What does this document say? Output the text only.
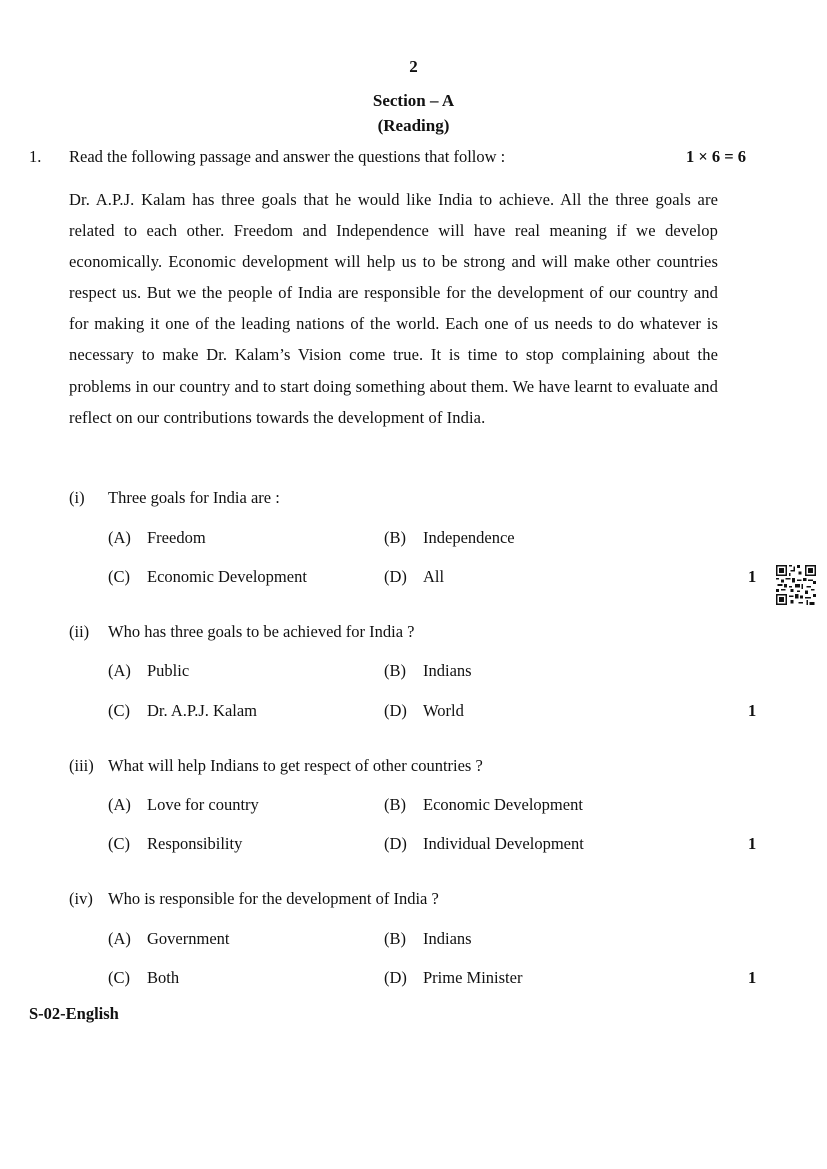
2
Section – A
(Reading)
1. Read the following passage and answer the questions that follow :	1 × 6 = 6
Dr. A.P.J. Kalam has three goals that he would like India to achieve. All the three goals are related to each other. Freedom and Independence will have real meaning if we develop economically. Economic development will help us to be strong and will make other countries respect us. But we the people of India are responsible for the development of our country and for making it one of the leading nations of the world. Each one of us needs to do whatever is necessary to make Dr. Kalam’s Vision come true. It is time to stop complaining about the problems in our country and to start doing something about them. We have learnt to evaluate and reflect on our contributions towards the development of India.
(i) Three goals for India are :
(A) Freedom	(B) Independence
(C) Economic Development	(D) All	1
(ii) Who has three goals to be achieved for India ?
(A) Public	(B) Indians
(C) Dr. A.P.J. Kalam	(D) World	1
(iii) What will help Indians to get respect of other countries ?
(A) Love for country	(B) Economic Development
(C) Responsibility	(D) Individual Development	1
(iv) Who is responsible for the development of India ?
(A) Government	(B) Indians
(C) Both	(D) Prime Minister	1
S-02-English
